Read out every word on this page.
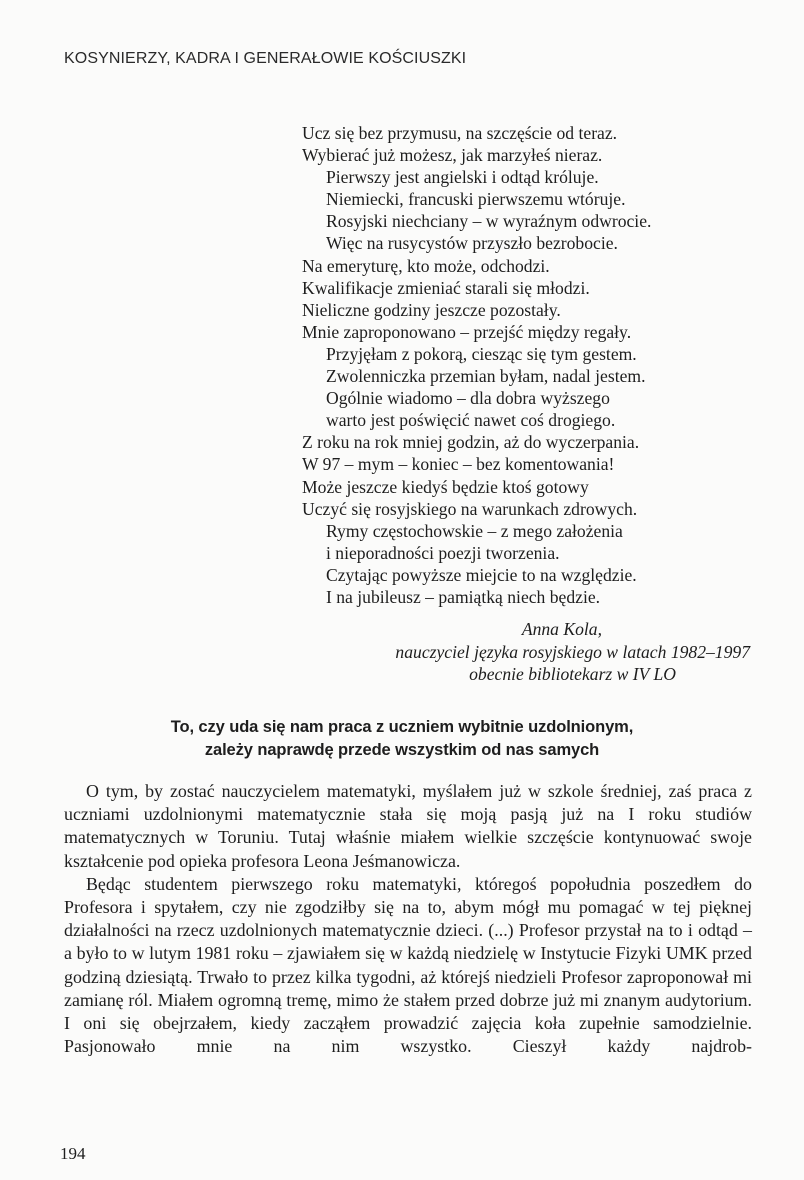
KOSYNIERZY, KADRA I GENERAŁOWIE KOŚCIUSZKI
Ucz się bez przymusu, na szczęście od teraz.
Wybierać już możesz, jak marzyłeś nieraz.
Pierwszy jest angielski i odtąd króluje.
Niemiecki, francuski pierwszemu wtóruje.
Rosyjski niechciany – w wyraźnym odwrocie.
Więc na rusycystów przyszło bezrobocie.
Na emeryturę, kto może, odchodzi.
Kwalifikacje zmieniać starali się młodzi.
Nieliczne godziny jeszcze pozostały.
Mnie zaproponowano – przejść między regały.
Przyjęłam z pokorą, ciesząc się tym gestem.
Zwolenniczka przemian byłam, nadal jestem.
Ogólnie wiadomo – dla dobra wyższego
warto jest poświęcić nawet coś drogiego.
Z roku na rok mniej godzin, aż do wyczerpania.
W 97 – mym – koniec – bez komentowania!
Może jeszcze kiedyś będzie ktoś gotowy
Uczyć się rosyjskiego na warunkach zdrowych.
Rymy częstochowskie – z mego założenia
i nieporadności poezji tworzenia.
Czytając powyższe miejcie to na względzie.
I na jubileusz – pamiątką niech będzie.
Anna Kola,
nauczyciel języka rosyjskiego w latach 1982–1997
obecnie bibliotekarz w IV LO
To, czy uda się nam praca z uczniem wybitnie uzdolnionym,
zależy naprawdę przede wszystkim od nas samych

O tym, by zostać nauczycielem matematyki, myślałem już w szkole średniej, zaś praca z uczniami uzdolnionymi matematycznie stała się moją pasją już na I roku studiów matematycznych w Toruniu. Tutaj właśnie miałem wielkie szczęście kontynuować swoje kształcenie pod opieka profesora Leona Jeśmanowicza.

Będąc studentem pierwszego roku matematyki, któregoś popołudnia poszedłem do Profesora i spytałem, czy nie zgodziłby się na to, abym mógł mu pomagać w tej pięknej działalności na rzecz uzdolnionych matematycznie dzieci. (...) Profesor przystał na to i odtąd – a było to w lutym 1981 roku – zjawiałem się w każdą niedzielę w Instytucie Fizyki UMK przed godziną dziesiątą. Trwało to przez kilka tygodni, aż którejś niedzieli Profesor zaproponował mi zamianę ról. Miałem ogromną tremę, mimo że stałem przed dobrze już mi znanym audytorium. I oni się obejrzałem, kiedy zacząłem prowadzić zajęcia koła zupełnie samodzielnie. Pasjonowało mnie na nim wszystko. Cieszył każdy najdrob-

194
